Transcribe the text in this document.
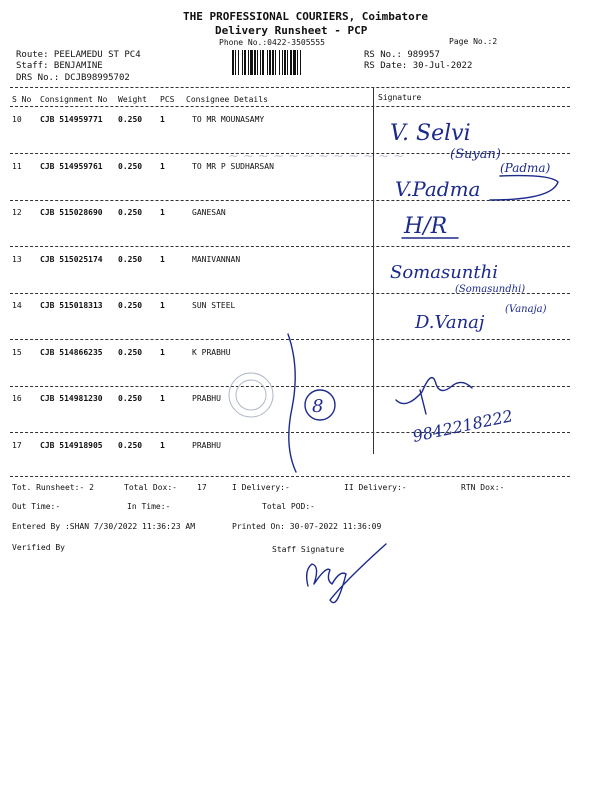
THE PROFESSIONAL COURIERS, Coimbatore
Delivery Runsheet - PCP
Phone No.:0422-3505555	Page No.:2
Route: PEELAMEDU ST PC4
Staff: BENJAMINE
DRS No.: DCJB98995702
RS No.: 989957
RS Date: 30-Jul-2022
S No Consignment No Weight PCS Consignee Details	Signature
10 CJB 514959771 0.250 1	TO MR MOUNASAMY
11 CJB 514959761 0.250 1	TO MR P SUDHARSAN
12 CJB 515028690 0.250 1	GANESAN
13 CJB 515025174 0.250 1	MANIVANNAN
14 CJB 515018313 0.250 1	SUN STEEL
15 CJB 514866235 0.250 1	K PRABHU
16 CJB 514981230 0.250 1	PRABHU
17 CJB 514918905 0.250 1	PRABHU
~ ~ ~ ~ ~ ~ ~ ~ ~ ~ ~ ~
V. Selvi
(Suyan)
V.Padma
(Padma)
H/R
Somasunthi
(Somasundhi)
D.Vanaj
(Vanaja)
8	9842218222
Tot. Runsheet:- 2	Total Dox:-	17	I Delivery:-	II Delivery:-	RTN Dox:-
Out Time:-	In Time:-	Total POD:-
Entered By :SHAN 7/30/2022 11:36:23 AM	Printed On: 30-07-2022 11:36:09
Verified By	Staff Signature
